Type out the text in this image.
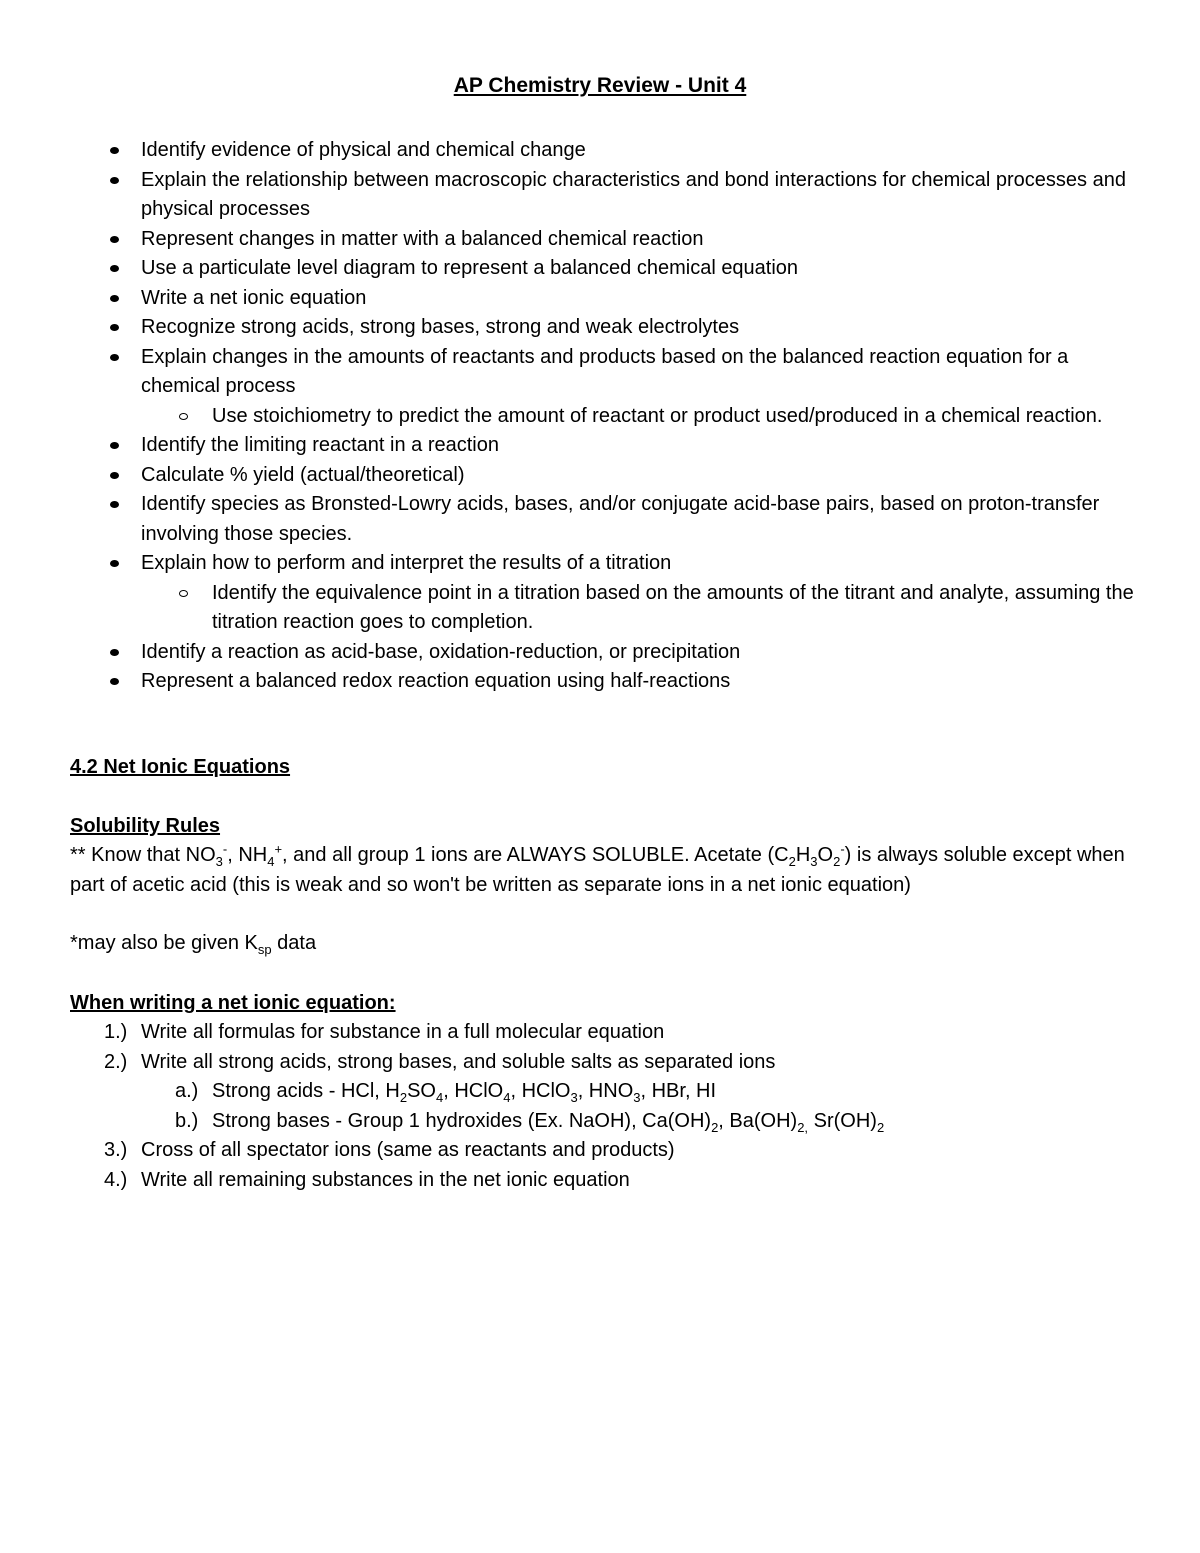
AP Chemistry Review - Unit 4
Identify evidence of physical and chemical change
Explain the relationship between macroscopic characteristics and bond interactions for chemical processes and physical processes
Represent changes in matter with a balanced chemical reaction
Use a particulate level diagram to represent a balanced chemical equation
Write a net ionic equation
Recognize strong acids, strong bases, strong and weak electrolytes
Explain changes in the amounts of reactants and products based on the balanced reaction equation for a chemical process
Use stoichiometry to predict the amount of reactant or product used/produced in a chemical reaction.
Identify the limiting reactant in a reaction
Calculate % yield (actual/theoretical)
Identify species as Bronsted-Lowry acids, bases, and/or conjugate acid-base pairs, based on proton-transfer involving those species.
Explain how to perform and interpret the results of a titration
Identify the equivalence point in a titration based on the amounts of the titrant and analyte, assuming the titration reaction goes to completion.
Identify a reaction as acid-base, oxidation-reduction, or precipitation
Represent a balanced redox reaction equation using half-reactions
4.2 Net Ionic Equations
Solubility Rules
** Know that $NO_3^-$, $NH_4^+$, and all group 1 ions are ALWAYS SOLUBLE. Acetate $(C_2H_3O_2^-)$ is always soluble except when part of acetic acid (this is weak and so won't be written as separate ions in a net ionic equation)
*may also be given $K_{sp}$ data
When writing a net ionic equation:
1.) Write all formulas for substance in a full molecular equation
2.) Write all strong acids, strong bases, and soluble salts as separated ions
a.) Strong acids - HCl, $H_2SO_4$, HClO$_4$, HClO$_3$, $HNO_3$, HBr, HI
b.) Strong bases - Group 1 hydroxides (Ex. NaOH), $Ca(OH)_2$, $Ba(OH)_{2,}$ $Sr(OH)_2$
3.) Cross of all spectator ions (same as reactants and products)
4.) Write all remaining substances in the net ionic equation
